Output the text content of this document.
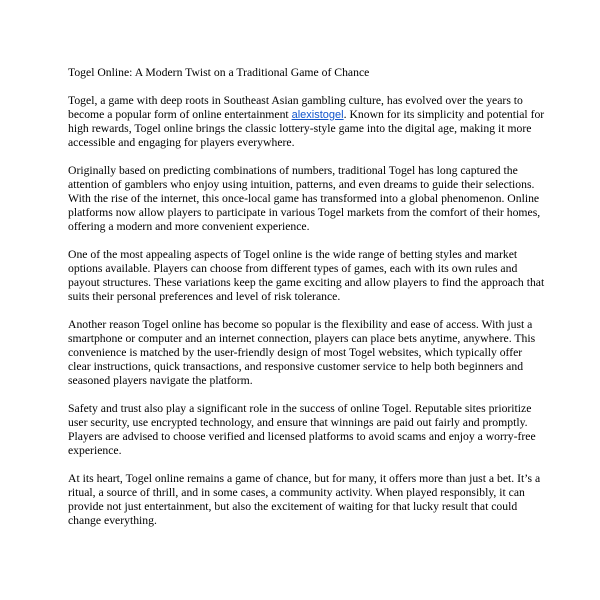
Togel Online: A Modern Twist on a Traditional Game of Chance

Togel, a game with deep roots in Southeast Asian gambling culture, has evolved over the years to become a popular form of online entertainment alexistogel. Known for its simplicity and potential for high rewards, Togel online brings the classic lottery-style game into the digital age, making it more accessible and engaging for players everywhere.

Originally based on predicting combinations of numbers, traditional Togel has long captured the attention of gamblers who enjoy using intuition, patterns, and even dreams to guide their selections. With the rise of the internet, this once-local game has transformed into a global phenomenon. Online platforms now allow players to participate in various Togel markets from the comfort of their homes, offering a modern and more convenient experience.

One of the most appealing aspects of Togel online is the wide range of betting styles and market options available. Players can choose from different types of games, each with its own rules and payout structures. These variations keep the game exciting and allow players to find the approach that suits their personal preferences and level of risk tolerance.

Another reason Togel online has become so popular is the flexibility and ease of access. With just a smartphone or computer and an internet connection, players can place bets anytime, anywhere. This convenience is matched by the user-friendly design of most Togel websites, which typically offer clear instructions, quick transactions, and responsive customer service to help both beginners and seasoned players navigate the platform.

Safety and trust also play a significant role in the success of online Togel. Reputable sites prioritize user security, use encrypted technology, and ensure that winnings are paid out fairly and promptly. Players are advised to choose verified and licensed platforms to avoid scams and enjoy a worry-free experience.

At its heart, Togel online remains a game of chance, but for many, it offers more than just a bet. It’s a ritual, a source of thrill, and in some cases, a community activity. When played responsibly, it can provide not just entertainment, but also the excitement of waiting for that lucky result that could change everything.
